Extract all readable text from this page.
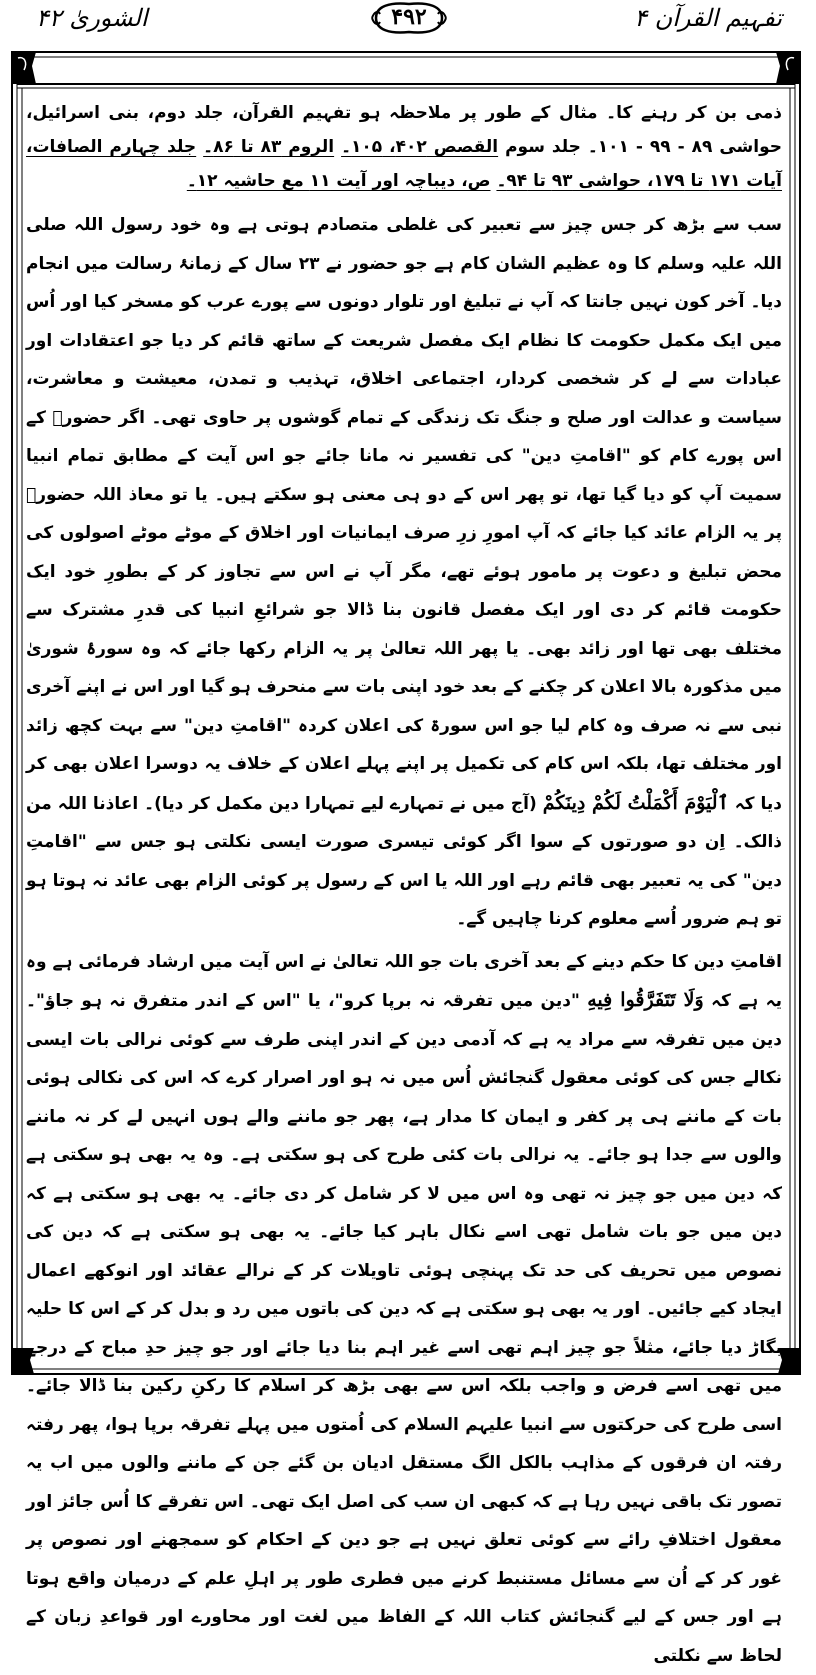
تفہیم القرآن ۴
۴۹۲
الشوریٰ ۴۲
ذمی بن کر رہنے کا۔ مثال کے طور پر ملاحظہ ہو تفہیم القرآن، جلد دوم، بنی اسرائیل، حواشی ۸۹ - ۹۹ - ۱۰۱۔ جلد سوم القصص ۴۰۲، ۱۰۵۔ الروم ۸۳ تا ۸۶۔ جلد چہارم الصافات، آیات ۱۷۱ تا ۱۷۹، حواشی ۹۳ تا ۹۴۔ ص، دیباچہ اور آیت ۱۱ مع حاشیہ ۱۲۔

سب سے بڑھ کر جس چیز سے تعبیر کی غلطی متصادم ہوتی ہے وہ خود رسول اللہ صلی اللہ علیہ وسلم کا وہ عظیم الشان کام ہے جو حضور نے ۲۳ سال کے زمانۂ رسالت میں انجام دیا۔ آخر کون نہیں جانتا کہ آپ نے تبلیغ اور تلوار دونوں سے پورے عرب کو مسخر کیا اور اُس میں ایک مکمل حکومت کا نظام ایک مفصل شریعت کے ساتھ قائم کر دیا جو اعتقادات اور عبادات سے لے کر شخصی کردار، اجتماعی اخلاق، تہذیب و تمدن، معیشت و معاشرت، سیاست و عدالت اور صلح و جنگ تک زندگی کے تمام گوشوں پر حاوی تھی۔ اگر حضورؐ کے اس پورے کام کو "اقامتِ دین" کی تفسیر نہ مانا جائے جو اس آیت کے مطابق تمام انبیا سمیت آپ کو دیا گیا تھا، تو پھر اس کے دو ہی معنی ہو سکتے ہیں۔ یا تو معاذ اللہ حضورؐ پر یہ الزام عائد کیا جائے کہ آپ امورِ زرِ صرف ایمانیات اور اخلاق کے موٹے موٹے اصولوں کی محض تبلیغ و دعوت پر مامور ہوئے تھے، مگر آپ نے اس سے تجاوز کر کے بطورِ خود ایک حکومت قائم کر دی اور ایک مفصل قانون بنا ڈالا جو شرائعِ انبیا کی قدرِ مشترک سے مختلف بھی تھا اور زائد بھی۔ یا پھر اللہ تعالیٰ پر یہ الزام رکھا جائے کہ وہ سورۂ شوریٰ میں مذکورہ بالا اعلان کر چکنے کے بعد خود اپنی بات سے منحرف ہو گیا اور اس نے اپنے آخری نبی سے نہ صرف وہ کام لیا جو اس سورۃ کی اعلان کردہ "اقامتِ دین" سے بہت کچھ زائد اور مختلف تھا، بلکہ اس کام کی تکمیل پر اپنے پہلے اعلان کے خلاف یہ دوسرا اعلان بھی کر دیا کہ ٱلْيَوْمَ أَكْمَلْتُ لَكُمْ دِينَكُمْ (آج میں نے تمہارے لیے تمہارا دین مکمل کر دیا)۔ اعاذنا اللہ من ذالک۔ اِن دو صورتوں کے سوا اگر کوئی تیسری صورت ایسی نکلتی ہو جس سے "اقامتِ دین" کی یہ تعبیر بھی قائم رہے اور اللہ یا اس کے رسول پر کوئی الزام بھی عائد نہ ہوتا ہو تو ہم ضرور اُسے معلوم کرنا چاہیں گے۔

اقامتِ دین کا حکم دینے کے بعد آخری بات جو اللہ تعالیٰ نے اس آیت میں ارشاد فرمائی ہے وہ یہ ہے کہ وَلَا تَتَفَرَّقُوا فِيهِ "دین میں تفرقہ نہ برپا کرو"، یا "اس کے اندر متفرق نہ ہو جاؤ"۔ دین میں تفرقہ سے مراد یہ ہے کہ آدمی دین کے اندر اپنی طرف سے کوئی نرالی بات ایسی نکالے جس کی کوئی معقول گنجائش اُس میں نہ ہو اور اصرار کرے کہ اس کی نکالی ہوئی بات کے ماننے ہی پر کفر و ایمان کا مدار ہے، پھر جو ماننے والے ہوں انہیں لے کر نہ ماننے والوں سے جدا ہو جائے۔ یہ نرالی بات کئی طرح کی ہو سکتی ہے۔ وہ یہ بھی ہو سکتی ہے کہ دین میں جو چیز نہ تھی وہ اس میں لا کر شامل کر دی جائے۔ یہ بھی ہو سکتی ہے کہ دین میں جو بات شامل تھی اسے نکال باہر کیا جائے۔ یہ بھی ہو سکتی ہے کہ دین کی نصوص میں تحریف کی حد تک پہنچی ہوئی تاویلات کر کے نرالے عقائد اور انوکھے اعمال ایجاد کیے جائیں۔ اور یہ بھی ہو سکتی ہے کہ دین کی باتوں میں رد و بدل کر کے اس کا حلیہ بگاڑ دیا جائے، مثلاً جو چیز اہم تھی اسے غیر اہم بنا دیا جائے اور جو چیز حدِ مباح کے درجے میں تھی اسے فرض و واجب بلکہ اس سے بھی بڑھ کر اسلام کا رکنِ رکین بنا ڈالا جائے۔ اسی طرح کی حرکتوں سے انبیا علیہم السلام کی اُمتوں میں پہلے تفرقہ برپا ہوا، پھر رفتہ رفتہ ان فرقوں کے مذاہب بالکل الگ مستقل ادیان بن گئے جن کے ماننے والوں میں اب یہ تصور تک باقی نہیں رہا ہے کہ کبھی ان سب کی اصل ایک تھی۔ اس تفرقے کا اُس جائز اور معقول اختلافِ رائے سے کوئی تعلق نہیں ہے جو دین کے احکام کو سمجھنے اور نصوص پر غور کر کے اُن سے مسائل مستنبط کرنے میں فطری طور پر اہلِ علم کے درمیان واقع ہوتا ہے اور جس کے لیے گنجائش کتاب اللہ کے الفاظ میں لغت اور محاورے اور قواعدِ زبان کے لحاظ سے نکلتی
